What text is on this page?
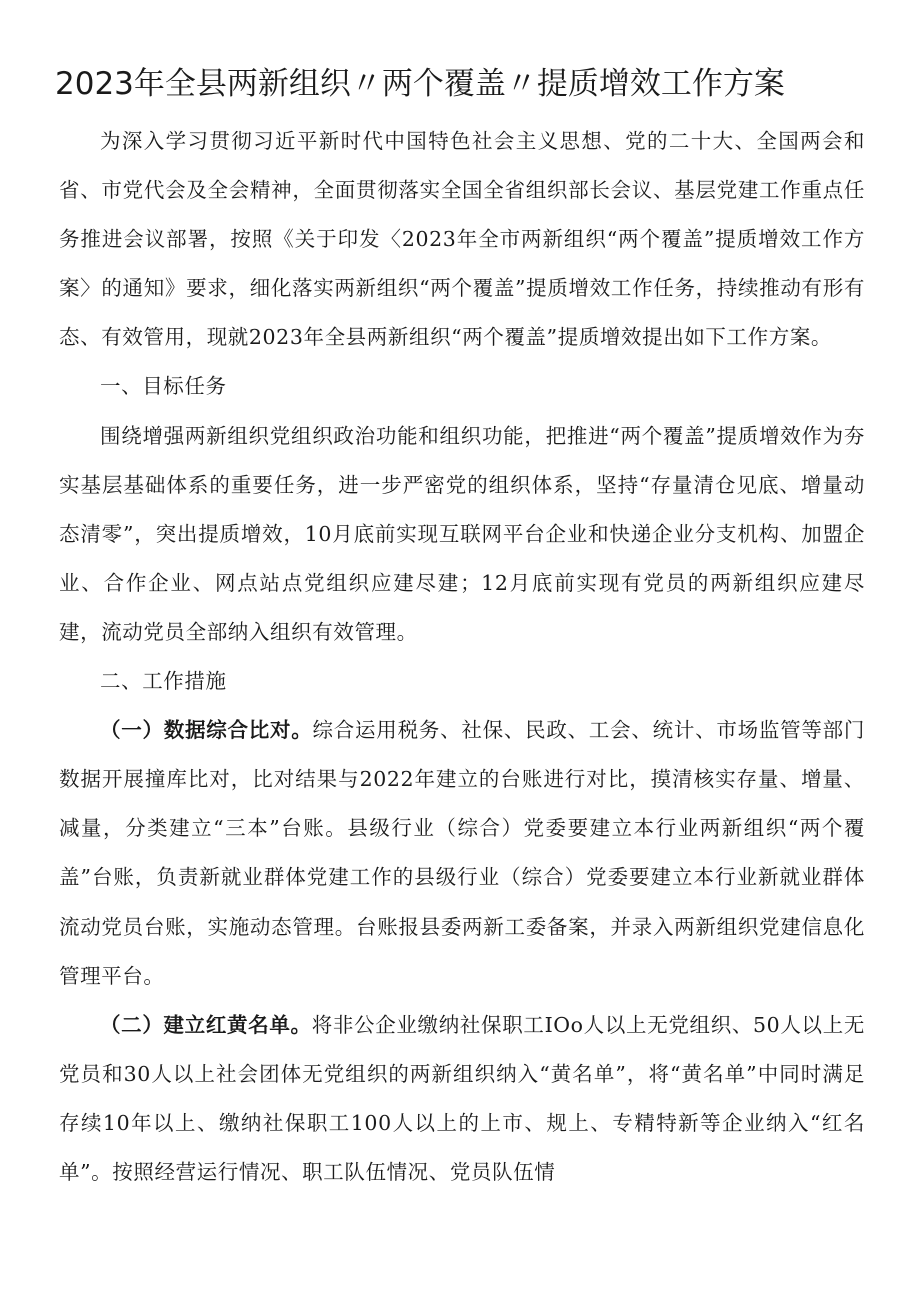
2023年全县两新组织〃两个覆盖〃提质增效工作方案

为深入学习贯彻习近平新时代中国特色社会主义思想、党的二十大、全国两会和省、市党代会及全会精神，全面贯彻落实全国全省组织部长会议、基层党建工作重点任务推进会议部署，按照《关于印发〈2023年全市两新组织“两个覆盖”提质增效工作方案〉的通知》要求，细化落实两新组织“两个覆盖”提质增效工作任务，持续推动有形有态、有效管用，现就2023年全县两新组织“两个覆盖”提质增效提出如下工作方案。

一、目标任务

围绕增强两新组织党组织政治功能和组织功能，把推进“两个覆盖”提质增效作为夯实基层基础体系的重要任务，进一步严密党的组织体系，坚持“存量清仓见底、增量动态清零”，突出提质增效，10月底前实现互联网平台企业和快递企业分支机构、加盟企业、合作企业、网点站点党组织应建尽建；12月底前实现有党员的两新组织应建尽建，流动党员全部纳入组织有效管理。

二、工作措施

（一）数据综合比对。综合运用税务、社保、民政、工会、统计、市场监管等部门数据开展撞库比对，比对结果与2022年建立的台账进行对比，摸清核实存量、增量、减量，分类建立“三本”台账。县级行业（综合）党委要建立本行业两新组织“两个覆盖”台账，负责新就业群体党建工作的县级行业（综合）党委要建立本行业新就业群体流动党员台账，实施动态管理。台账报县委两新工委备案，并录入两新组织党建信息化管理平台。

（二）建立红黄名单。将非公企业缴纳社保职工IOo人以上无党组织、50人以上无党员和30人以上社会团体无党组织的两新组织纳入“黄名单”，将“黄名单”中同时满足存续10年以上、缴纳社保职工100人以上的上市、规上、专精特新等企业纳入“红名单”。按照经营运行情况、职工队伍情况、党员队伍情
